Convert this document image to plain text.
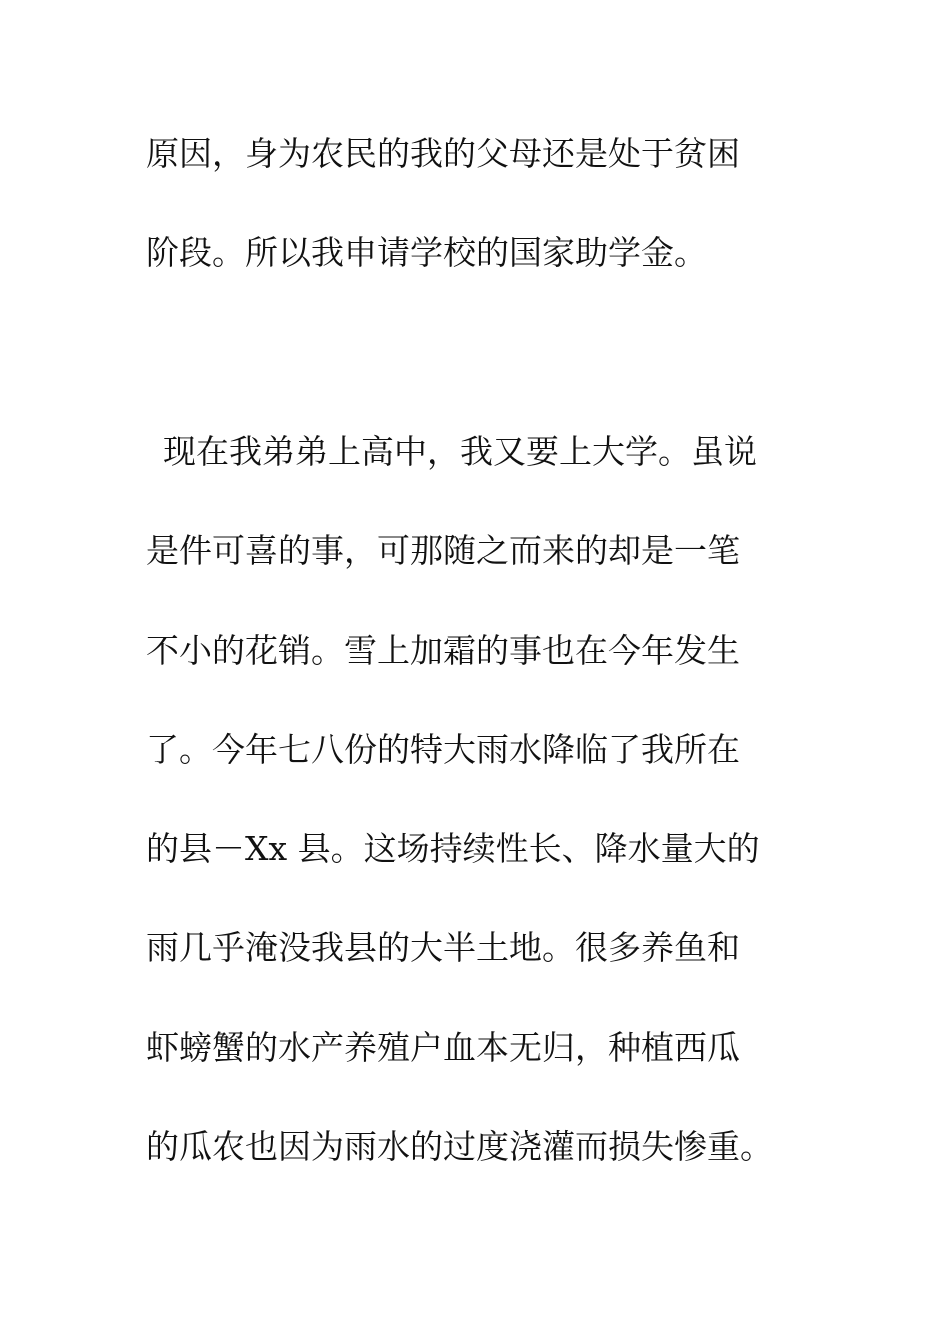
原因，身为农民的我的父母还是处于贫困
阶段。所以我申请学校的国家助学金。
现在我弟弟上高中，我又要上大学。虽说
是件可喜的事，可那随之而来的却是一笔
不小的花销。雪上加霜的事也在今年发生
了。今年七八份的特大雨水降临了我所在
的县－Xx 县。这场持续性长、降水量大的
雨几乎淹没我县的大半土地。很多养鱼和
虾螃蟹的水产养殖户血本无归，种植西瓜
的瓜农也因为雨水的过度浇灌而损失惨重。
